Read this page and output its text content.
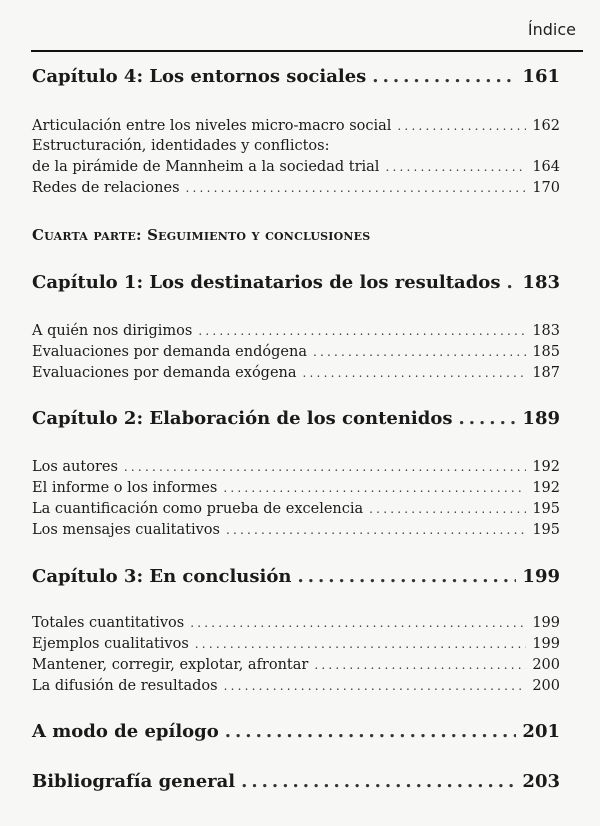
Índice
Capítulo 4: Los entornos sociales .....	161
Articulación entre los niveles micro-macro social .....	162
Estructuración, identidades y conflictos:
de la pirámide de Mannheim a la sociedad trial .....	164
Redes de relaciones .....	170
Cuarta parte: Seguimiento y conclusiones
Capítulo 1: Los destinatarios de los resultados ..... 183
A quién nos dirigimos .....	183
Evaluaciones por demanda endógena .....	185
Evaluaciones por demanda exógena .....	187
Capítulo 2: Elaboración de los contenidos .....	189
Los autores .....	192
El informe o los informes .....	192
La cuantificación como prueba de excelencia .....	195
Los mensajes cualitativos .....	195
Capítulo 3: En conclusión .....	199
Totales cuantitativos .....	199
Ejemplos cualitativos .....	199
Mantener, corregir, explotar, afrontar .....	200
La difusión de resultados .....	200
A modo de epílogo .....	201
Bibliografía general .....	203
